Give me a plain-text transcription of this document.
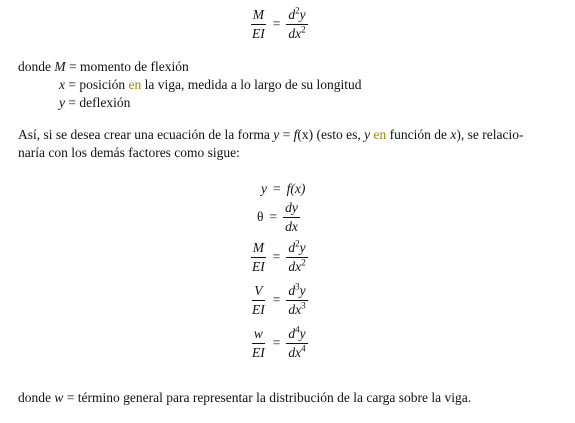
$\frac{M}{EI} = \frac{d^2y}{dx^2}$
donde M = momento de flexión
x = posición en la viga, medida a lo largo de su longitud
y = deflexión
Así, si se desea crear una ecuación de la forma y = f(x) (esto es, y en función de x), se relacio-
naría con los demás factores como sigue:
y = f(x)
$\theta = \frac{dy}{dx}$
$\frac{M}{EI} = \frac{d^2y}{dx^2}$
$\frac{V}{EI} = \frac{d^3y}{dx^3}$
$\frac{w}{EI} = \frac{d^4y}{dx^4}$
donde w = término general para representar la distribución de la carga sobre la viga.
